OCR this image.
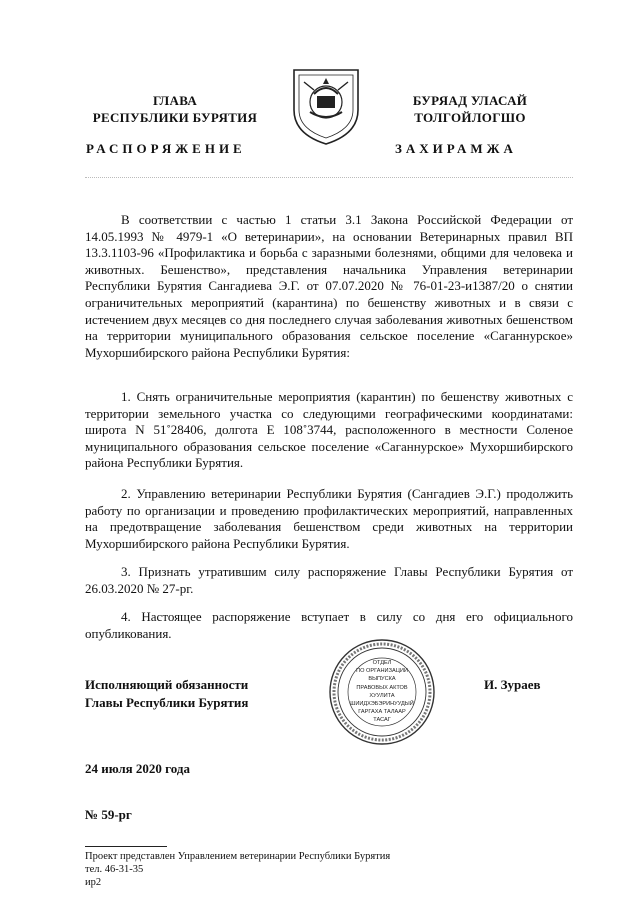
ГЛАВА
РЕСПУБЛИКИ БУРЯТИЯ
БУРЯАД УЛАСАЙ
ТОЛГОЙЛОГШО
РАСПОРЯЖЕНИЕ	ЗАХИРАМЖА

В соответствии с частью 1 статьи 3.1 Закона Российской Федерации от 14.05.1993 № 4979-1 «О ветеринарии», на основании Ветеринарных правил ВП 13.3.1103-96 «Профилактика и борьба с заразными болезнями, общими для человека и животных. Бешенство», представления начальника Управления ветеринарии Республики Бурятия Сангадиева Э.Г. от 07.07.2020 № 76-01-23-и1387/20 о снятии ограничительных мероприятий (карантина) по бешенству животных и в связи с истечением двух месяцев со дня последнего случая заболевания животных бешенством на территории муниципального образования сельское поселение «Саганнурское» Мухоршибирского района Республики Бурятия:

1. Снять ограничительные мероприятия (карантин) по бешенству животных с территории земельного участка со следующими географическими координатами: широта N 51˚28406, долгота E 108˚3744, расположенного в местности Соленое муниципального образования сельское поселение «Саганнурское» Мухоршибирского района Республики Бурятия.

2. Управлению ветеринарии Республики Бурятия (Сангадиев Э.Г.) продолжить работу по организации и проведению профилактических мероприятий, направленных на предотвращение заболевания бешенством среди животных на территории Мухоршибирского района Республики Бурятия.

3. Признать утратившим силу распоряжение Главы Республики Бурятия от 26.03.2020 № 27-рг.

4. Настоящее распоряжение вступает в силу со дня его официального опубликования.

Исполняющий обязанности
Главы Республики Бурятия
ОТДЕЛ
ПО ОРГАНИЗАЦИИ
ВЫПУСКА
ПРАВОВЫХ АКТОВ
ХУУЛИТА
ШИИДХЭБЭРИНУУДЫЙ
ГАРГАХА ТАЛААР
ТАСАГ
И. Зураев
24 июля 2020 года
№ 59-рг
Проект представлен Управлением ветеринарии Республики Бурятия
тел. 46-31-35
ир2
